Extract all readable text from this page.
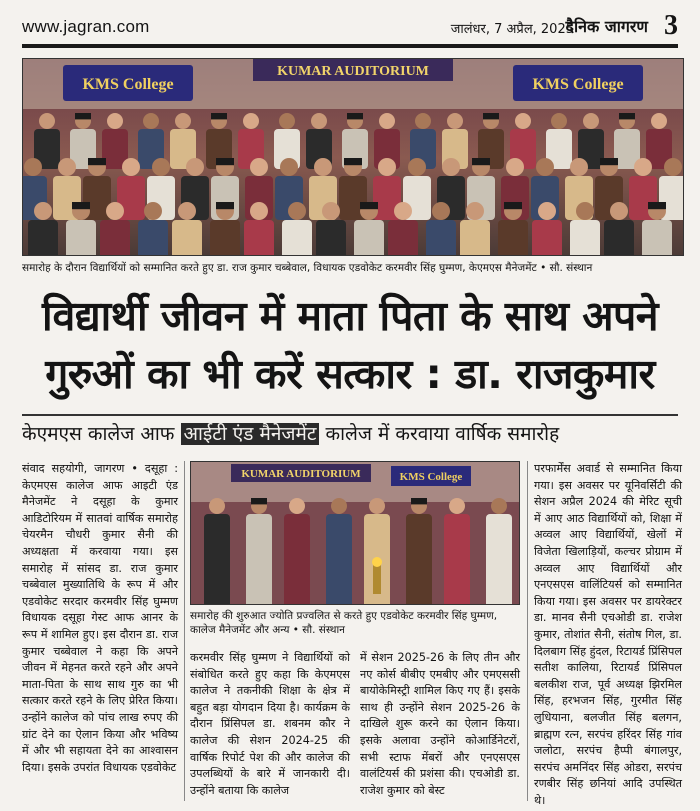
www.jagran.com	जालंधर, 7 अप्रैल, 2025
दैनिक जागरण 3
KUMAR AUDITORIUM
KMS College	KMS College
समारोह के दौरान विद्यार्थियों को सम्मानित करते हुए डा. राज कुमार चब्बेवाल, विधायक एडवोकेट करमवीर सिंह घुम्मण, केएमएस मैनेजमेंट • सौ. संस्थान
विद्यार्थी जीवन में माता पिता के साथ अपने
गुरुओं का भी करें सत्कार : डा. राजकुमार
केएमएस कालेज आफ आईटी एंड मैनेजमेंट कालेज में करवाया वार्षिक समारोह
संवाद सहयोगी, जागरण • दसूहा : केएमएस कालेज आफ आइटी एंड मैनेजमेंट ने दसूहा के कुमार आडिटोरियम में सातवां वार्षिक समारोह चेयरमैन चौधरी कुमार सैनी की अध्यक्षता में करवाया गया। इस समारोह में सांसद डा. राज कुमार चब्बेवाल मुख्यातिथि के रूप में और एडवोकेट सरदार करमवीर सिंह घुम्मण विधायक दसूहा गेस्ट आफ आनर के रूप में शामिल हुए। इस दौरान डा. राज कुमार चब्बेवाल ने कहा कि अपने जीवन में मेहनत करते रहने और अपने माता-पिता के साथ साथ गुरु का भी सत्कार करते रहने के लिए प्रेरित किया। उन्होंने कालेज को पांच लाख रुपए की ग्रांट देने का ऐलान किया और भविष्य में और भी सहायता देने का आश्वासन दिया। इसके उपरांत विधायक एडवोकेट
KUMAR AUDITORIUM	KMS College
समारोह की शुरुआत ज्योति प्रज्वलित से करते हुए एडवोकेट करमवीर सिंह घुम्मण, कालेज मैनेजमेंट और अन्य • सौ. संस्थान
करमवीर सिंह घुम्मण ने विद्यार्थियों को संबोधित करते हुए कहा कि केएमएस कालेज ने तकनीकी शिक्षा के क्षेत्र में बहुत बड़ा योगदान दिया है। कार्यक्रम के दौरान प्रिंसिपल डा. शबनम कौर ने कालेज की सेशन 2024-25 की वार्षिक रिपोर्ट पेश की और कालेज की उपलब्धियों के बारे में जानकारी दी। उन्होंने बताया कि कालेज
में सेशन 2025-26 के लिए तीन और नए कोर्स बीबीए एमबीए और एमएससी बायोकेमिस्ट्री शामिल किए गए हैं। इसके साथ ही उन्होंने सेशन 2025-26 के दाखिले शुरू करने का ऐलान किया। इसके अलावा उन्होंने कोआर्डिनेटरों, सभी स्टाफ मेंबरों और एनएसएस वालंटियर्स की प्रशंसा की। एचओडी डा. राजेश कुमार को बेस्ट
परफार्मेंस अवार्ड से सम्मानित किया गया। इस अवसर पर यूनिवर्सिटी की सेशन अप्रैल 2024 की मेरिट सूची में आए आठ विद्यार्थियों को, शिक्षा में अव्वल आए विद्यार्थियों, खेलों में विजेता खिलाड़ियों, कल्चर प्रोग्राम में अव्वल आए विद्यार्थियों और एनएसएस वालिंटियर्स को सम्मानित किया गया। इस अवसर पर डायरेक्टर डा. मानव सैनी एचओडी डा. राजेश कुमार, तोशांत सैनी, संतोष गिल, डा. दिलबाग सिंह हुंदल, रिटायर्ड प्रिंसिपल सतीश कालिया, रिटायर्ड प्रिंसिपल बलकीश राज, पूर्व अध्यक्ष झिरमिल सिंह, हरभजन सिंह, गुरमीत सिंह लुधियाना, बलजीत सिंह बलगन, ब्राह्मण रत्न, सरपंच हरिंदर सिंह गांव जलोटा, सरपंच हैप्पी बंगालपुर, सरपंच अमनिंदर सिंह ओडरा, सरपंच रणबीर सिंह छनियां आदि उपस्थित थे।
